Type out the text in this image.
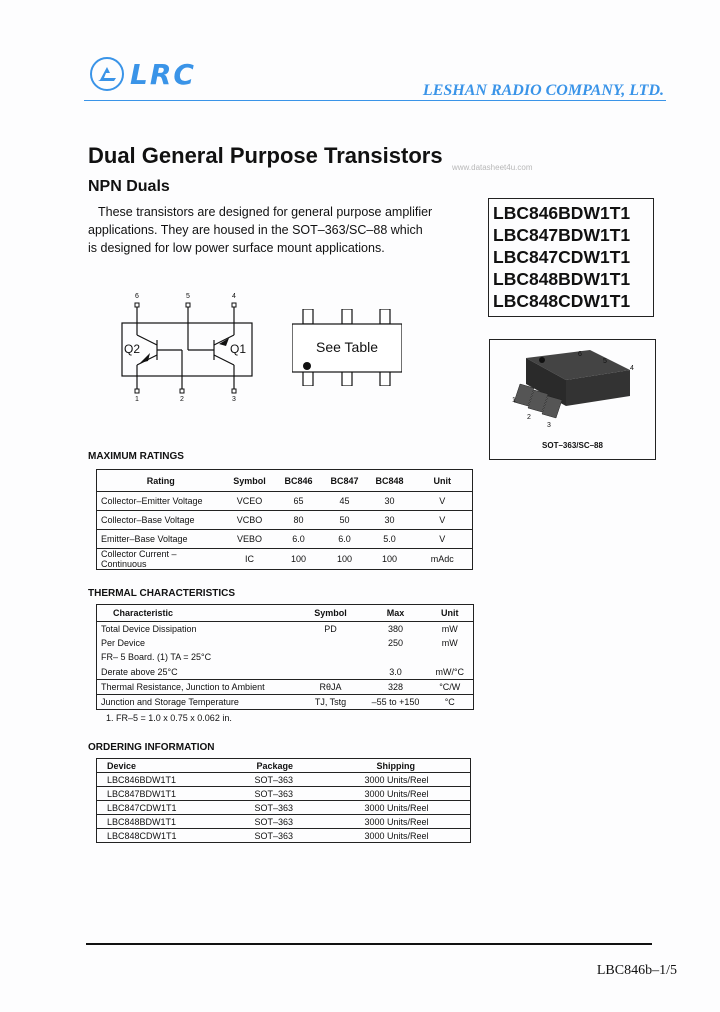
LRC	LESHAN RADIO COMPANY, LTD.
Dual General Purpose Transistors www.datasheet4u.com
NPN Duals
These transistors are designed for general purpose amplifier applications. They are housed in the SOT–363/SC–88 which is designed for low power surface mount applications.
LBC846BDW1T1
LBC847BDW1T1
LBC847CDW1T1
LBC848BDW1T1
LBC848CDW1T1
6	5	4
1	2	3
Q2	Q1	See Table
1
2
3
4
5
6
SOT–363/SC–88
MAXIMUM RATINGS
Rating	Symbol	BC846	BC847	BC848	Unit
Collector–Emitter Voltage	VCEO	65	45	30	V
Collector–Base Voltage	VCBO	80	50	30	V
Emitter–Base Voltage	VEBO	6.0	6.0	5.0	V
Collector Current –Continuous	IC	100	100	100	mAdc
THERMAL CHARACTERISTICS
Characteristic	Symbol	Max	Unit
Total Device Dissipation	PD	380	mW
Per Device		250	mW
FR– 5 Board. (1) TA = 25°C			
Derate above 25°C		3.0	mW/°C
Thermal Resistance, Junction to Ambient	RθJA	328	°C/W
Junction and Storage Temperature	TJ, Tstg	–55 to +150	°C
1. FR–5 = 1.0 x 0.75 x 0.062 in.
ORDERING INFORMATION
Device	Package	Shipping
LBC846BDW1T1	SOT–363	3000 Units/Reel
LBC847BDW1T1	SOT–363	3000 Units/Reel
LBC847CDW1T1	SOT–363	3000 Units/Reel
LBC848BDW1T1	SOT–363	3000 Units/Reel
LBC848CDW1T1	SOT–363	3000 Units/Reel
LBC846b–1/5
